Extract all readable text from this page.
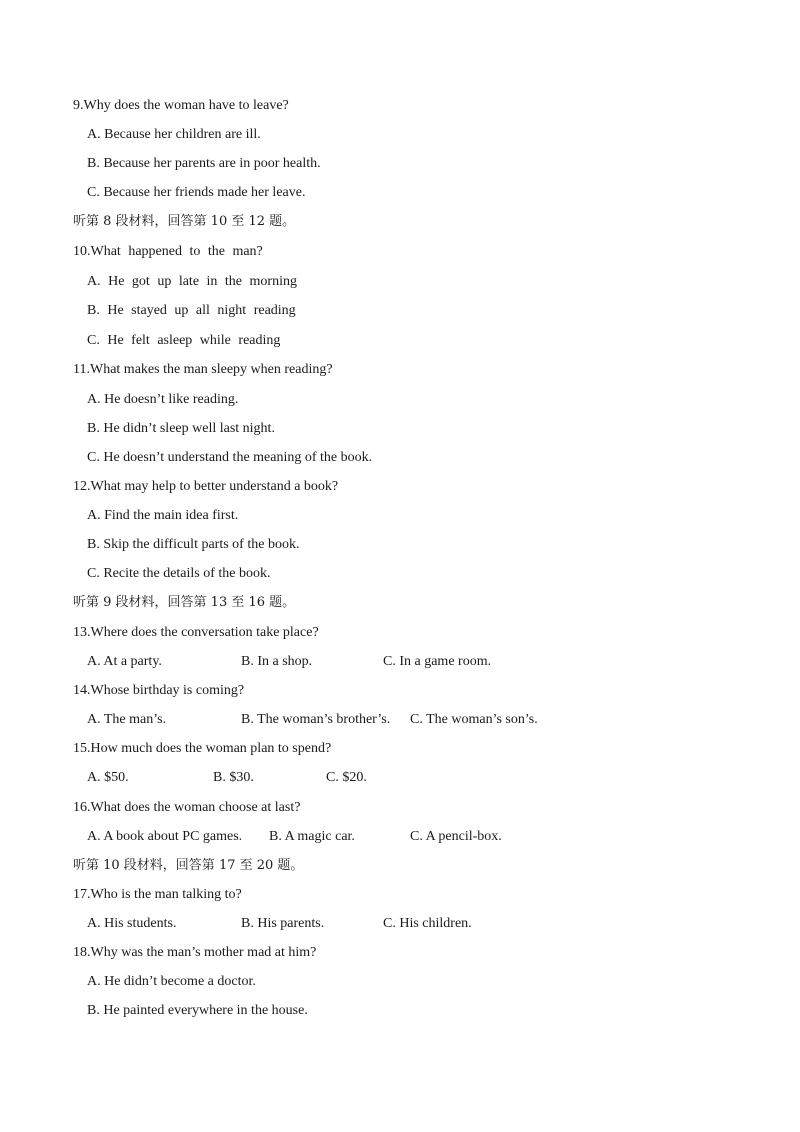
9.Why does the woman have to leave?
A. Because her children are ill.
B. Because her parents are in poor health.
C. Because her friends made her leave.
听第 8 段材料，回答第 10 至 12 题。
10.What happened to the man?
A. He got up late in the morning
B. He stayed up all night reading
C. He felt asleep while reading
11.What makes the man sleepy when reading?
A. He doesn’t like reading.
B. He didn’t sleep well last night.
C. He doesn’t understand the meaning of the book.
12.What may help to better understand a book?
A. Find the main idea first.
B. Skip the difficult parts of the book.
C. Recite the details of the book.
听第 9 段材料，回答第 13 至 16 题。
13.Where does the conversation take place?
A. At a party.	B. In a shop.	C. In a game room.
14.Whose birthday is coming?
A. The man’s.	B. The woman’s brother’s. C. The woman’s son’s.
15.How much does the woman plan to spend?
A. $50.	B. $30.	C. $20.
16.What does the woman choose at last?
A. A book about PC games. B. A magic car.	C. A pencil-box.
听第 10 段材料，回答第 17 至 20 题。
17.Who is the man talking to?
A. His students.	B. His parents.	C. His children.
18.Why was the man’s mother mad at him?
A. He didn’t become a doctor.
B. He painted everywhere in the house.
